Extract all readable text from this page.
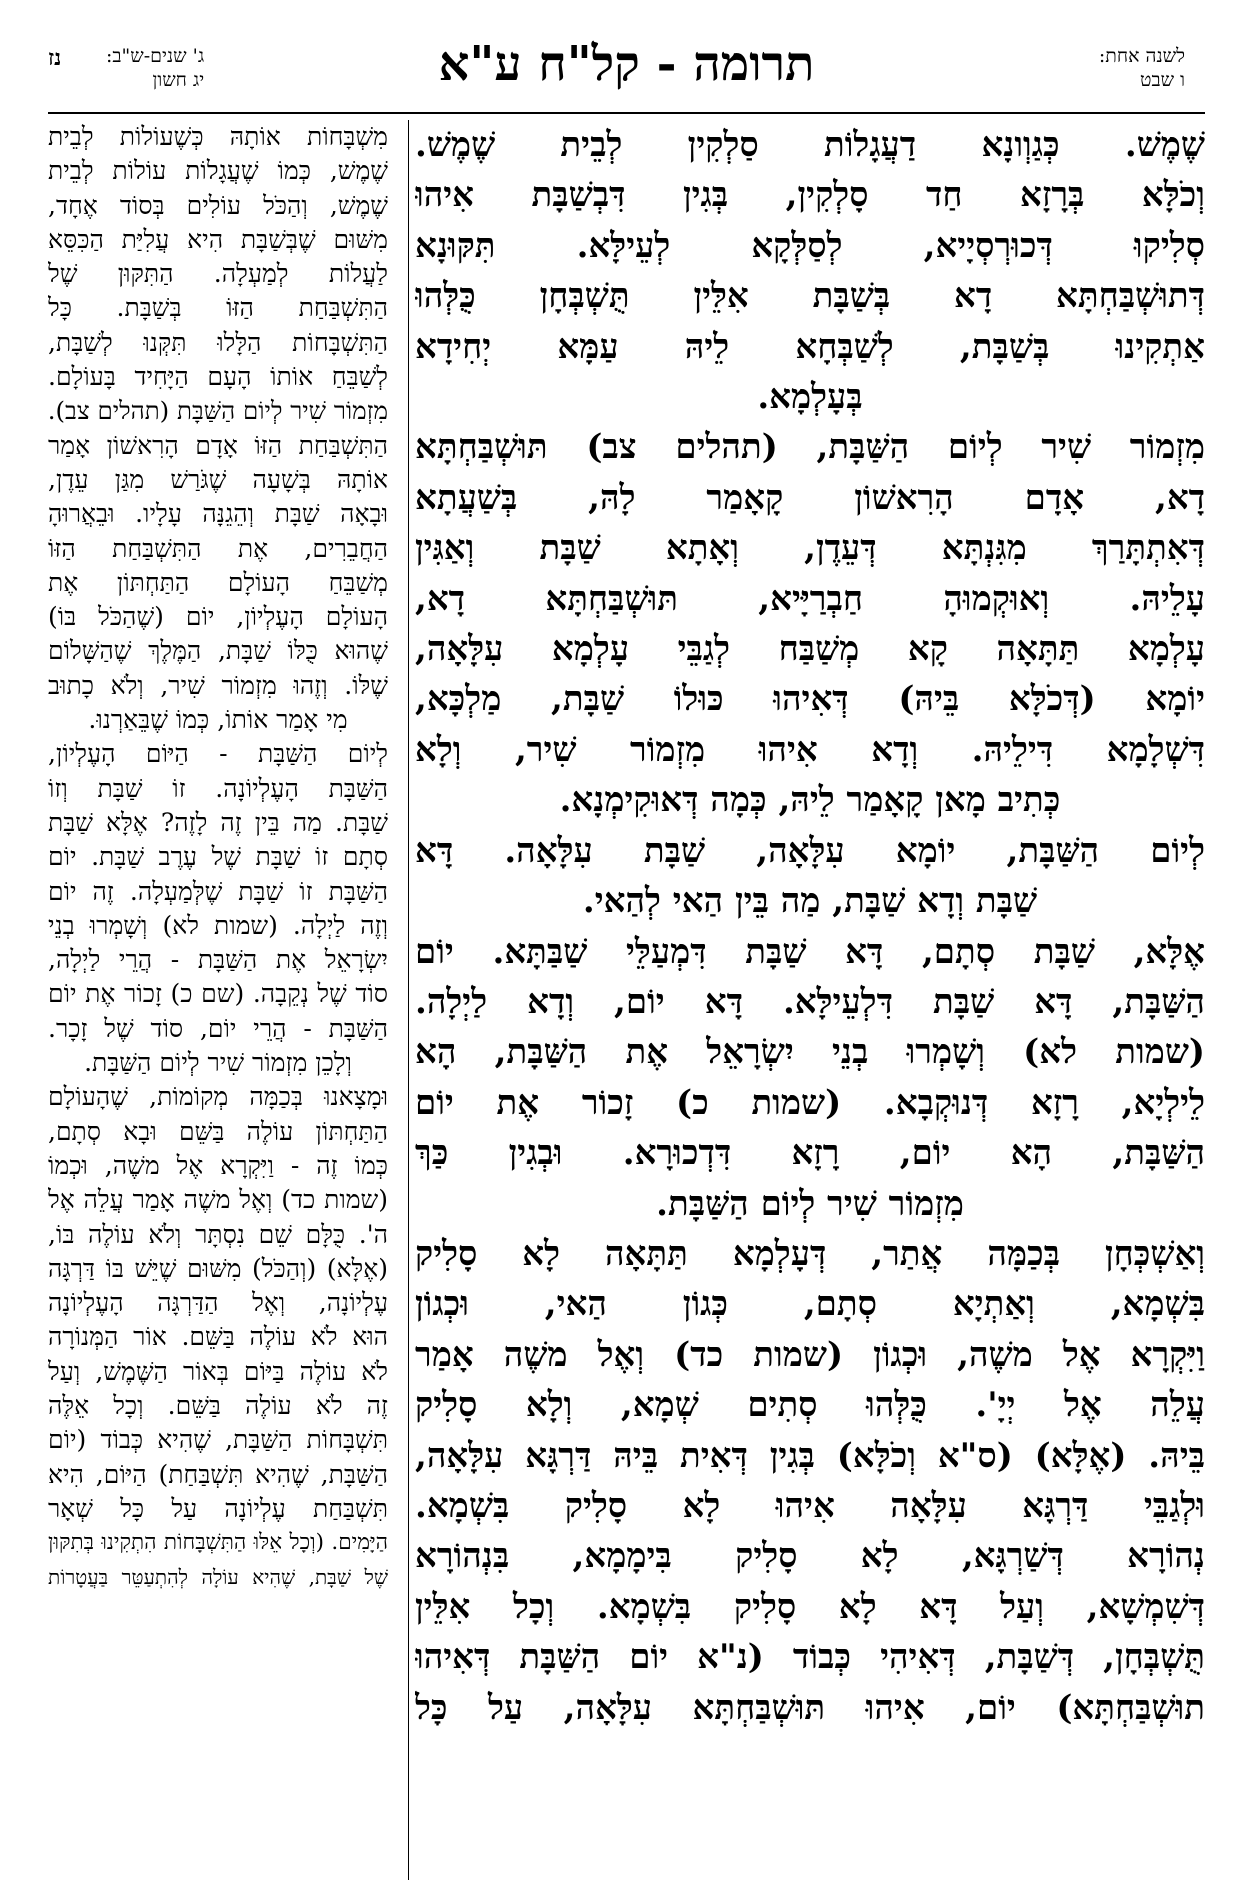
לשנה אחת:
ו שבט
תרומה - קל"ח ע"א
ג' שנים-ש"ב:
יג חשון
נז
שֶׁמֶשׁ. כְּגַוְונָא דַעֲגָלוֹת סַלְקִין לְבֵית שֶׁמֶשׁ.
וְכֹלָּא בְּרָזָא חַד סָלְקִין, בְּגִין דִּבְשַׁבָּת אִיהוּ
סְלִיקוּ דְּכוּרְסְיָיא, לְסַלְּקָא לְעֵילָּא. תִּקּוּנָא
דְּתוּשְׁבַּחְתָּא דָא בְּשַׁבָּת אִלֵּין תֻּשְׁבְּחָן כֻּלְּהוּ
אַתְקִינוּ בְּשַׁבָּת, לְשַׁבְּחָא לֵיהּ עַמָּא יְחִידָא
בְּעָלְמָא.
מִזְמוֹר שִׁיר לְיוֹם הַשַּׁבָּת, (תהלים צב) תּוּשְׁבַּחְתָּא
דָא, אָדָם הָרִאשׁוֹן קָאָמַר לָהּ, בְּשַׁעֲתָא
דְּאִתְתָּרַךְ מִגִּנְתָּא דְּעֵדֶן, וְאָתָא שַׁבָּת וְאַגִּין
עָלֵיהּ. וְאוּקְמוּהָ חַבְרַיָּיא, תּוּשְׁבַּחְתָּא דָא,
עָלְמָא תַּתָּאָה קָא מְשַׁבַּח לְגַבֵּי עָלְמָא עִלָּאָה,
יוֹמָא (דְּכֹלָּא בֵּיהּ) דְּאִיהוּ כּוּלוֹ שַׁבָּת, מַלְכָּא,
דִּשְׁלָמָא דִּילֵיהּ. וְדָא אִיהוּ מִזְמוֹר שִׁיר, וְלָא
כְּתִיב מָאן קָאָמַר לֵיהּ, כְּמָה דְּאוּקִימְנָא.
לְיוֹם הַשַּׁבָּת, יוֹמָא עִלָּאָה, שַׁבָּת עִלָּאָה. דָּא
שַׁבָּת וְדָא שַׁבָּת, מַה בֵּין הַאי לְהַאי.
אֶלָּא, שַׁבָּת סְתָם, דָּא שַׁבָּת דִּמְעַלֵּי שַׁבַּתָּא. יוֹם
הַשַּׁבָּת, דָּא שַׁבָּת דִּלְעֵילָּא. דָּא יוֹם, וְדָא לַיְלָה.
(שמות לא) וְשָׁמְרוּ בְנֵי יִשְׂרָאֵל אֶת הַשַּׁבָּת, הָא
לֵילְיָא, רָזָא דְּנוּקְבָא. (שמות כ) זָכוֹר אֶת יוֹם
הַשַּׁבָּת, הָא יוֹם, רָזָא דִּדְכוּרָא. וּבְגִין כַּךְ
מִזְמוֹר שִׁיר לְיוֹם הַשַּׁבָּת.
וְאַשְׁכְּחָן בְּכַמָּה אֲתַר, דְּעָלְמָא תַּתָּאָה לָא סָלִיק
בִּשְׁמָא, וְאַתְיָא סְתָם, כְּגוֹן הַאי, וּכְגוֹן
וַיִּקְרָא אֶל משֶׁה, וּכְגוֹן (שמות כד) וְאֶל משֶׁה אָמַר
עֲלֵה אֶל יְיָ'. כֻּלְּהוּ סְתִים שְׁמָא, וְלָא סָלִיק
בֵּיהּ. (אֶלָּא) (ס"א וְכֹלָּא) בְּגִין דְּאִית בֵּיהּ דַּרְגָּא עִלָּאָה,
וּלְגַבֵּי דַּרְגָּא עִלָּאָה אִיהוּ לָא סָלִיק בִּשְׁמָא.
נְהוֹרָא דְּשַׁרְגָּא, לָא סָלִיק בִּימָמָא, בִּנְהוֹרָא
דְּשִׁמְשָׁא, וְעַל דָּא לָא סָלִיק בִּשְׁמָא. וְכָל אִלֵּין
תֻּשְׁבְּחָן, דְּשַׁבָּת, דְּאִיהִי כְּבוֹד (נ"א יוֹם הַשַּׁבָּת דְּאִיהוּ
תוּשְׁבַּחְתָּא) יוֹם, אִיהוּ תּוּשְׁבַּחְתָּא עִלָּאָה, עַל כָּל
מִשְׁבָּחוֹת אוֹתָהּ כְּשֶׁעוֹלוֹת לְבֵית
שֶׁמֶשׁ, כְּמוֹ שֶׁעֲגָלוֹת עוֹלוֹת לְבֵית
שֶׁמֶשׁ, וְהַכֹּל עוֹלִים בְּסוֹד אֶחָד,
מִשּׁוּם שֶׁבְּשַׁבָּת הִיא עֲלִיַּת הַכִּסֵּא
לַעֲלוֹת לְמַעְלָה. הַתִּקּוּן שֶׁל
הַתִּשְׁבַּחַת הַזּוֹ בְּשַׁבָּת. כָּל
הַתִּשְׁבָּחוֹת הַלָּלוּ תִּקְּנוּ לְשַׁבָּת,
לְשַׁבֵּחַ אוֹתוֹ הָעָם הַיָּחִיד בָּעוֹלָם.
מִזְמוֹר שִׁיר לְיוֹם הַשַּׁבָּת (תהלים צב).
הַתִּשְׁבַּחַת הַזּוֹ אָדָם הָרִאשׁוֹן אָמַר
אוֹתָהּ בְּשָׁעָה שֶׁגֹּרַשׁ מִגַּן עֵדֶן,
וּבָאָה שַׁבָּת וְהֵגֵנָּה עָלָיו. וּבֵאֲרוּהָ
הַחֲבֵרִים, אֶת הַתִּשְׁבַּחַת הַזּוֹ
מְשַׁבֵּחַ הָעוֹלָם הַתַּחְתּוֹן אֶת
הָעוֹלָם הָעֶלְיוֹן, יוֹם (שֶׁהַכֹּל בּוֹ)
שֶׁהוּא כֻּלּוֹ שַׁבָּת, הַמֶּלֶךְ שֶׁהַשָּׁלוֹם
שֶׁלּוֹ. וְזֶהוּ מִזְמוֹר שִׁיר, וְלֹא כָתוּב
מִי אָמַר אוֹתוֹ, כְּמוֹ שֶׁבֵּאַרְנוּ.
לְיוֹם הַשַּׁבָּת - הַיּוֹם הָעֶלְיוֹן,
הַשַּׁבָּת הָעֶלְיוֹנָה. זוֹ שַׁבָּת וְזוֹ
שַׁבָּת. מַה בֵּין זֶה לָזֶה? אֶלָּא שַׁבָּת
סְתָם זוֹ שַׁבָּת שֶׁל עֶרֶב שַׁבָּת. יוֹם
הַשַּׁבָּת זוֹ שַׁבָּת שֶׁלְּמַעְלָה. זֶה יוֹם
וְזֶה לַיְלָה. (שמות לא) וְשָׁמְרוּ בְנֵי
יִשְׂרָאֵל אֶת הַשַּׁבָּת - הֲרֵי לַיְלָה,
סוֹד שֶׁל נְקֵבָה. (שם כ) זָכוֹר אֶת יוֹם
הַשַּׁבָּת - הֲרֵי יוֹם, סוֹד שֶׁל זָכָר.
וְלָכֵן מִזְמוֹר שִׁיר לְיוֹם הַשַּׁבָּת.
וּמָצָאנוּ בְּכַמָּה מְקוֹמוֹת, שֶׁהָעוֹלָם
הַתַּחְתּוֹן עוֹלֶה בַּשֵּׁם וּבָא סְתָם,
כְּמוֹ זֶה - וַיִּקְרָא אֶל משֶׁה, וּכְמוֹ
(שמות כד) וְאֶל משֶׁה אָמַר עֲלֵה אֶל
ה'. כֻּלָּם שֵׁם נִסְתָּר וְלֹא עוֹלֶה בּוֹ,
(אֶלָּא) (וְהַכֹּל) מִשּׁוּם שֶׁיֵּשׁ בּוֹ דַּרְגָּה
עֶלְיוֹנָה, וְאֶל הַדַּרְגָּה הָעֶלְיוֹנָה
הוּא לֹא עוֹלֶה בַּשֵּׁם. אוֹר הַמְּנוֹרָה
לֹא עוֹלֶה בַּיּוֹם בְּאוֹר הַשֶּׁמֶשׁ, וְעַל
זֶה לֹא עוֹלֶה בַּשֵּׁם. וְכָל אֵלֶּה
תִּשְׁבָּחוֹת הַשַּׁבָּת, שֶׁהִיא כְּבוֹד (יוֹם
הַשַּׁבָּת, שֶׁהִיא תִּשְׁבַּחַת) הַיּוֹם, הִיא
תִּשְׁבַּחַת עֶלְיוֹנָה עַל כָּל שְׁאָר
הַיָּמִים. (וְכָל אֵלּוּ הַתִּשְׁבָּחוֹת הִתְקִינוּ בְּתִקּוּן
שֶׁל שַׁבָּת, שֶׁהִיא עוֹלָה לְהִתְעַטֵּר בַּעֲטָרוֹת
